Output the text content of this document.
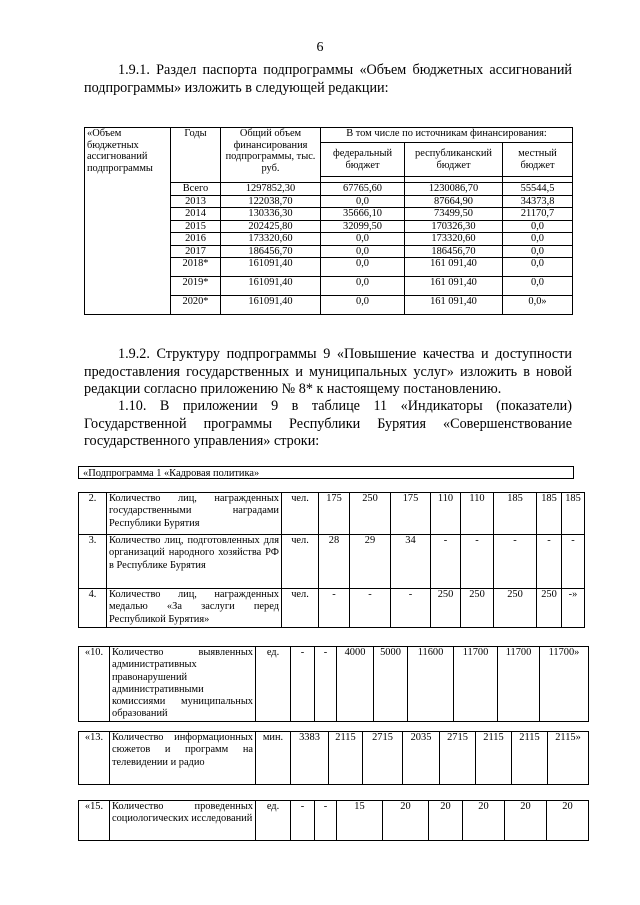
6

1.9.1. Раздел паспорта подпрограммы «Объем бюджетных ассигнований подпрограммы» изложить в следующей редакции:

«Объем бюджетных ассигнований подпрограммы	Годы	Общий объем финансирования подпрограммы, тыс. руб.	В том числе по источникам финансирования:		
			федеральный бюджет	республиканский бюджет	местный бюджет

	Всего	1297852,30	67765,60	1230086,70	55544,5
	2013	122038,70	0,0	87664,90	34373,8
	2014	130336,30	35666,10	73499,50	21170,7
	2015	202425,80	32099,50	170326,30	0,0
	2016	173320,60	0,0	173320,60	0,0
	2017	186456,70	0,0	186456,70	0,0
	2018*	161091,40	0,0	161 091,40	0,0
	2019*	161091,40	0,0	161 091,40	0,0
	2020*	161091,40	0,0	161 091,40	0,0»

1.9.2. Структуру подпрограммы 9 «Повышение качества и доступности предоставления государственных и муниципальных услуг» изложить в новой редакции согласно приложению № 8* к настоящему постановлению.

1.10. В приложении 9 в таблице 11 «Индикаторы (показатели) Государственной программы Республики Бурятия «Совершенствование государственного управления» строки:

«Подпрограмма 1 «Кадровая политика»
2.	Количество лиц, награжденных государственными наградами Республики Бурятия	чел.	175	250	175	110	110	185	185	185
3.	Количество лиц, подготовленных для организаций народного хозяйства РФ в Республике Бурятия	чел.	28	29	34	-	-	-	-	-
4.	Количество лиц, награжденных медалью «За заслуги перед Республикой Бурятия»	чел.	-	-	-	250	250	250	250	-»
«10.	Количество выявленных административных правонарушений административными комиссиями муниципальных образований	ед.	-	-	4000	5000	11600	11700	11700	11700»
«13.	Количество информационных сюжетов и программ на телевидении и радио	мин.	3383	2115	2715	2035	2715	2115	2115	2115»
«15.	Количество проведенных социологических исследований	ед.	-	-	15	20	20	20	20	20
